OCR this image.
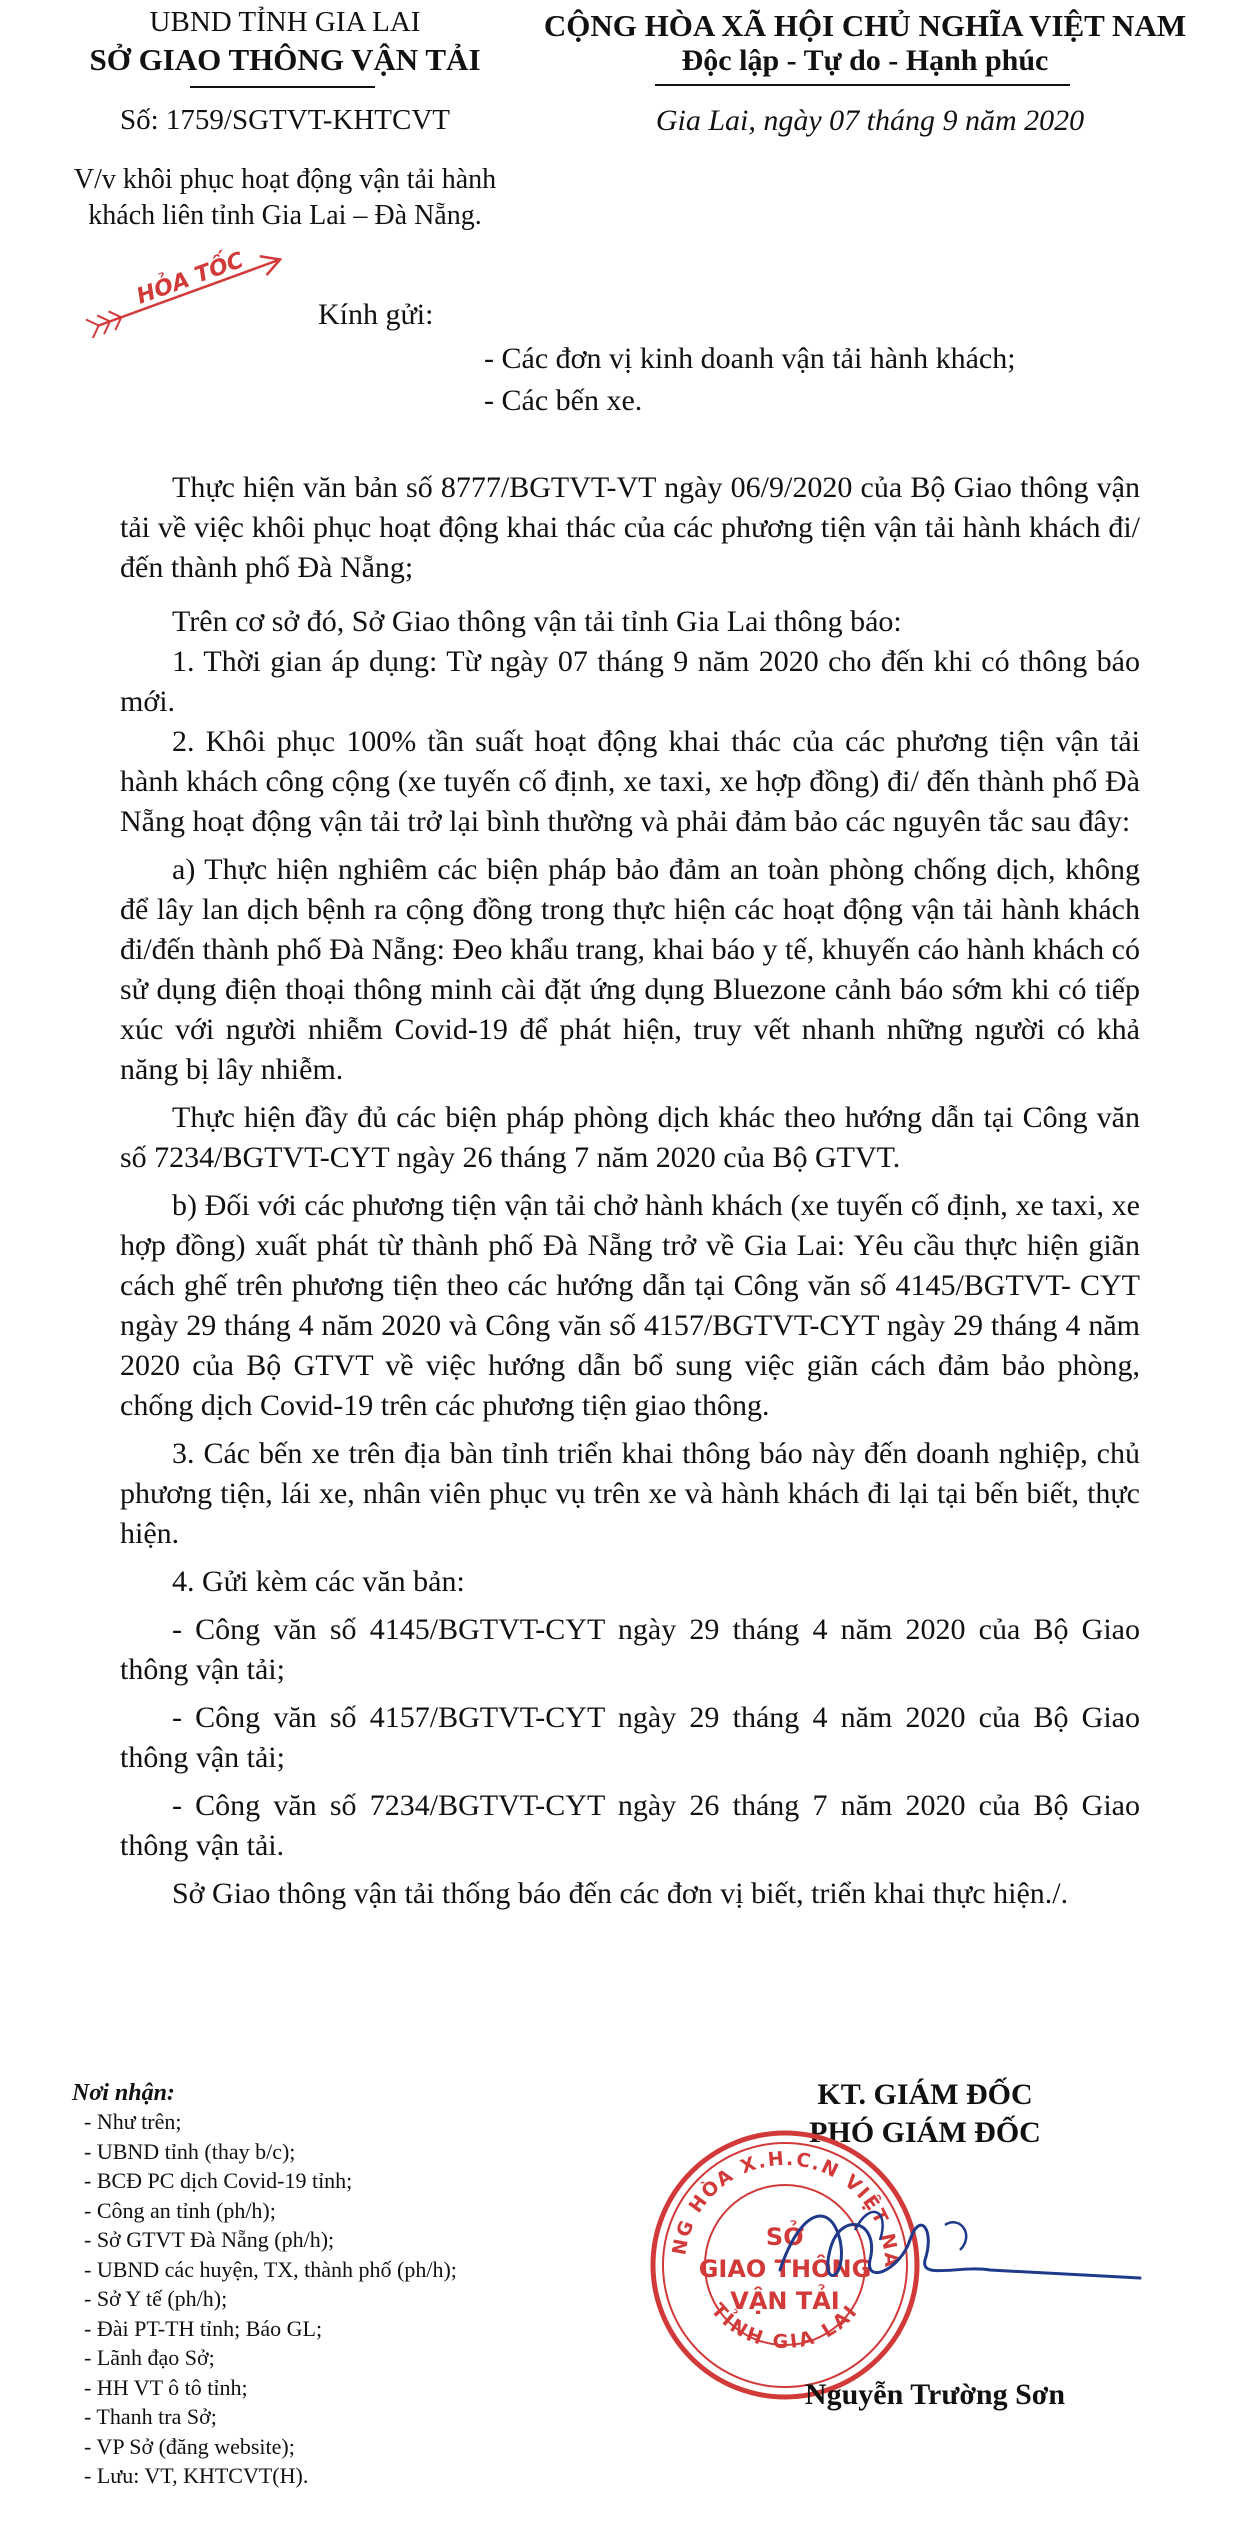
UBND TỈNH GIA LAI
SỞ GIAO THÔNG VẬN TẢI
CỘNG HÒA XÃ HỘI CHỦ NGHĨA VIỆT NAM
Độc lập - Tự do - Hạnh phúc
Số: 1759/SGTVT-KHTCVT	Gia Lai, ngày 07 tháng 9 năm 2020
V/v khôi phục hoạt động vận tải hành
khách liên tỉnh Gia Lai – Đà Nẵng.
HỎA TỐC
Kính gửi:
- Các đơn vị kinh doanh vận tải hành khách;
- Các bến xe.

Thực hiện văn bản số 8777/BGTVT-VT ngày 06/9/2020 của Bộ Giao thông vận tải về việc khôi phục hoạt động khai thác của các phương tiện vận tải hành khách đi/đến thành phố Đà Nẵng;

Trên cơ sở đó, Sở Giao thông vận tải tỉnh Gia Lai thông báo:

1. Thời gian áp dụng: Từ ngày 07 tháng 9 năm 2020 cho đến khi có thông báo mới.

2. Khôi phục 100% tần suất hoạt động khai thác của các phương tiện vận tải hành khách công cộng (xe tuyến cố định, xe taxi, xe hợp đồng) đi/ đến thành phố Đà Nẵng hoạt động vận tải trở lại bình thường và phải đảm bảo các nguyên tắc sau đây:

a) Thực hiện nghiêm các biện pháp bảo đảm an toàn phòng chống dịch, không để lây lan dịch bệnh ra cộng đồng trong thực hiện các hoạt động vận tải hành khách đi/đến thành phố Đà Nẵng: Đeo khẩu trang, khai báo y tế, khuyến cáo hành khách có sử dụng điện thoại thông minh cài đặt ứng dụng Bluezone cảnh báo sớm khi có tiếp xúc với người nhiễm Covid-19 để phát hiện, truy vết nhanh những người có khả năng bị lây nhiễm.

Thực hiện đầy đủ các biện pháp phòng dịch khác theo hướng dẫn tại Công văn số 7234/BGTVT-CYT ngày 26 tháng 7 năm 2020 của Bộ GTVT.

b) Đối với các phương tiện vận tải chở hành khách (xe tuyến cố định, xe taxi, xe hợp đồng) xuất phát từ thành phố Đà Nẵng trở về Gia Lai: Yêu cầu thực hiện giãn cách ghế trên phương tiện theo các hướng dẫn tại Công văn số 4145/BGTVT- CYT ngày 29 tháng 4 năm 2020 và Công văn số 4157/BGTVT-CYT ngày 29 tháng 4 năm 2020 của Bộ GTVT về việc hướng dẫn bổ sung việc giãn cách đảm bảo phòng, chống dịch Covid-19 trên các phương tiện giao thông.

3. Các bến xe trên địa bàn tỉnh triển khai thông báo này đến doanh nghiệp, chủ phương tiện, lái xe, nhân viên phục vụ trên xe và hành khách đi lại tại bến biết, thực hiện.

4. Gửi kèm các văn bản:

- Công văn số 4145/BGTVT-CYT ngày 29 tháng 4 năm 2020 của Bộ Giao thông vận tải;

- Công văn số 4157/BGTVT-CYT ngày 29 tháng 4 năm 2020 của Bộ Giao thông vận tải;

- Công văn số 7234/BGTVT-CYT ngày 26 tháng 7 năm 2020 của Bộ Giao thông vận tải.

Sở Giao thông vận tải thống báo đến các đơn vị biết, triển khai thực hiện./.

Nơi nhận:
- Như trên;
- UBND tỉnh (thay b/c);
- BCĐ PC dịch Covid-19 tỉnh;
- Công an tỉnh (ph/h);
- Sở GTVT Đà Nẵng (ph/h);
- UBND các huyện, TX, thành phố (ph/h);
- Sở Y tế (ph/h);
- Đài PT-TH tỉnh; Báo GL;
- Lãnh đạo Sở;
- HH VT ô tô tỉnh;
- Thanh tra Sở;
- VP Sở (đăng website);
- Lưu: VT, KHTCVT(H).
KT. GIÁM ĐỐC
PHÓ GIÁM ĐỐC
NG HÒA X.H.C.N VIỆT NA
TỈNH GIA LAI
SỞ
GIAO THÔNG
VẬN TẢI
Nguyễn Trường Sơn
